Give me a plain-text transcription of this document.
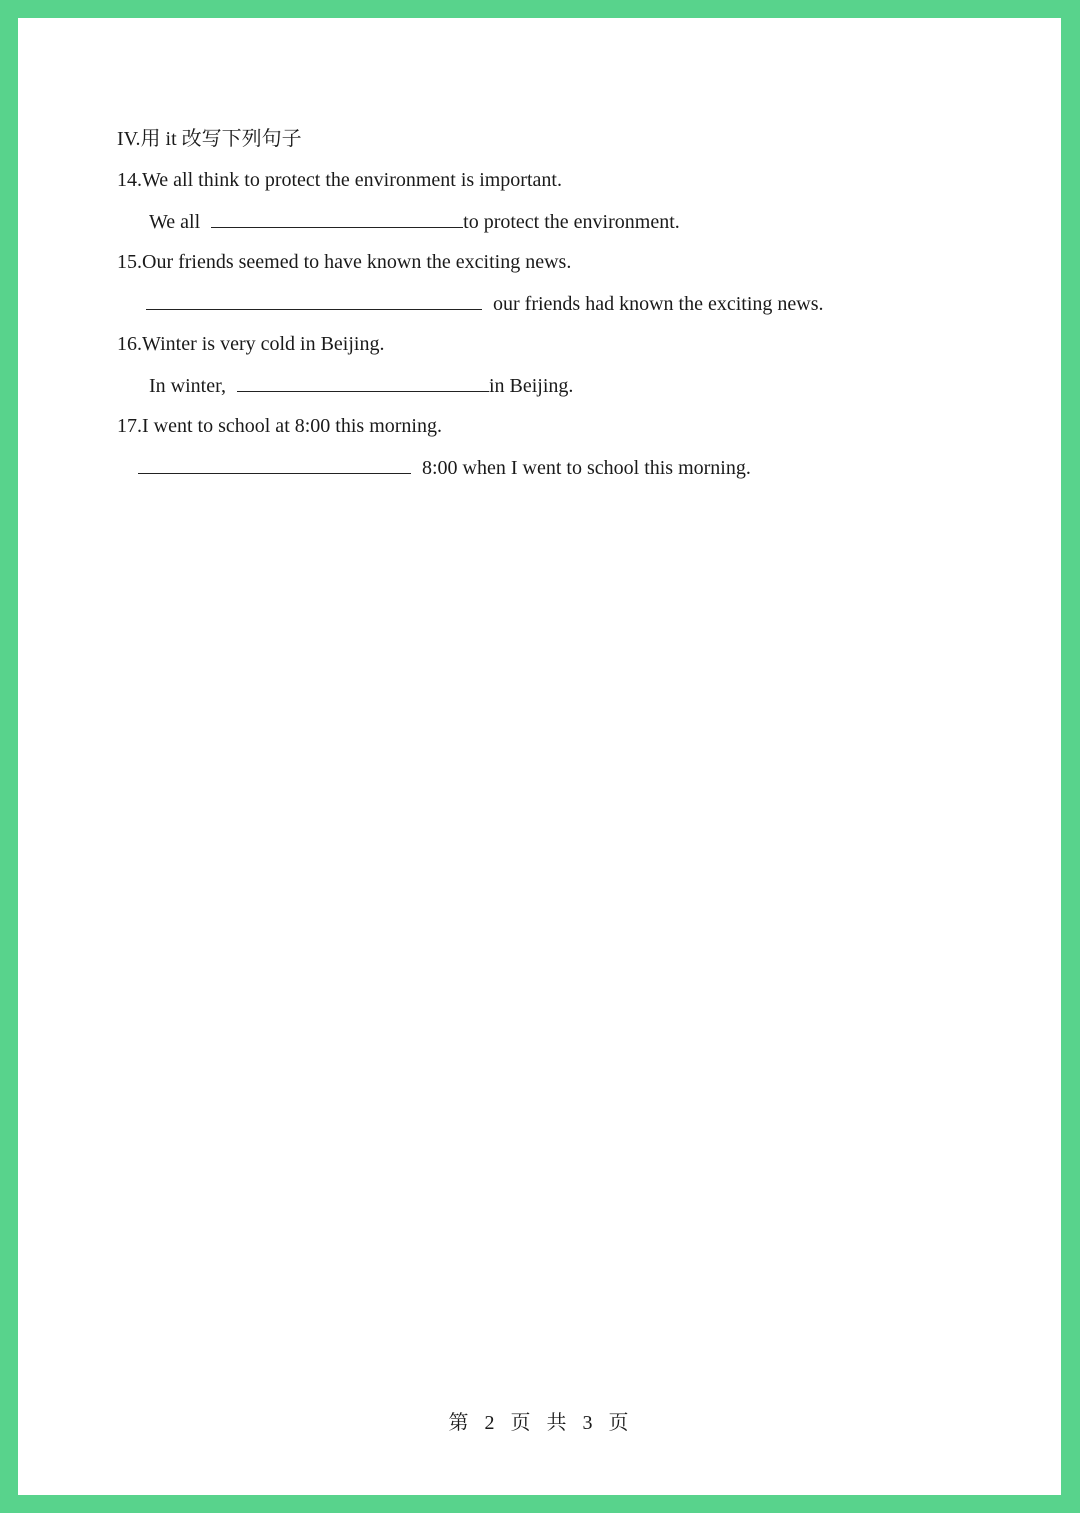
IV.用 it 改写下列句子
14.We all think to protect the environment is important.
We all	to protect the environment.
15.Our friends seemed to have known the exciting news.
our friends had known the exciting news.
16.Winter is very cold in Beijing.
In winter,	in Beijing.
17.I went to school at 8:00 this morning.
8:00 when I went to school this morning.
第  2  页  共  3  页
